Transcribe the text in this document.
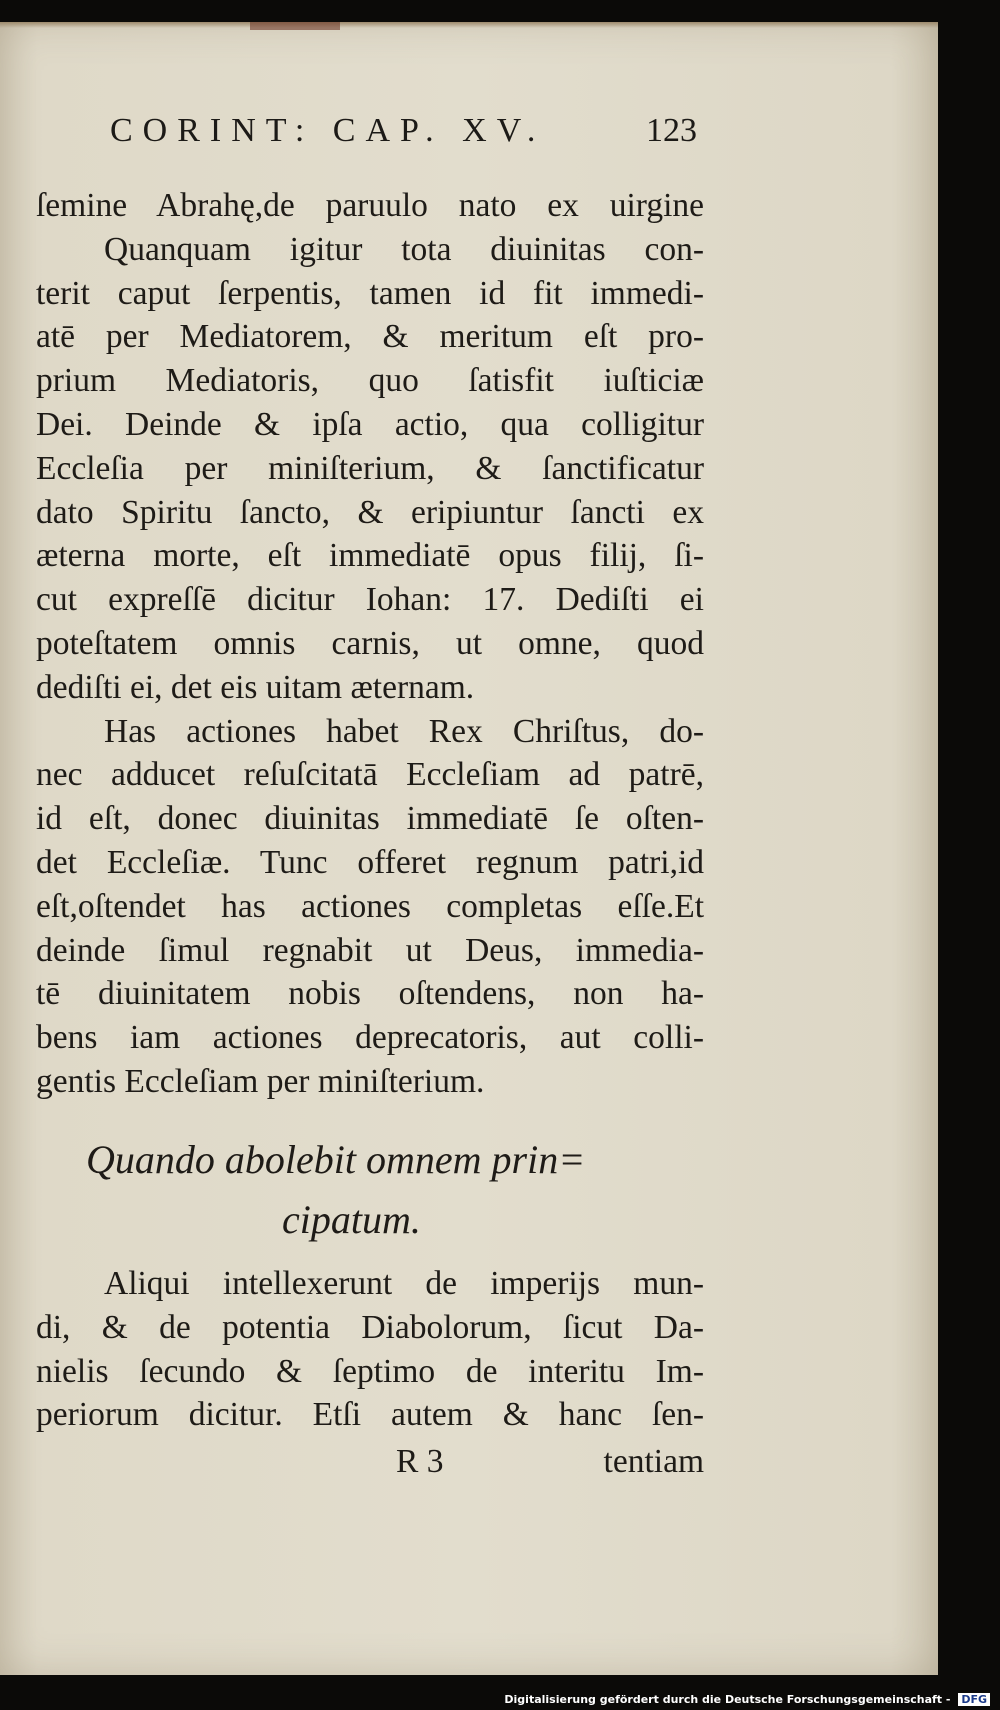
CORINT: CAP. XV.	123
ſemine Abrahę,de paruulo nato ex uirgine
Quanquam igitur tota diuinitas con-
terit caput ſerpentis, tamen id fit immedi-
atē per Mediatorem, & meritum eſt pro-
prium Mediatoris, quo ſatisfit iuſticiæ
Dei. Deinde & ipſa actio, qua colligitur
Eccleſia per miniſterium, & ſanctificatur
dato Spiritu ſancto, & eripiuntur ſancti ex
æterna morte, eſt immediatē opus filij, ſi-
cut expreſſē dicitur Iohan: 17. Dediſti ei
poteſtatem omnis carnis, ut omne, quod
dediſti ei, det eis uitam æternam.
Has actiones habet Rex Chriſtus, do-
nec adducet reſuſcitatā Eccleſiam ad patrē,
id eſt, donec diuinitas immediatē ſe oſten-
det Eccleſiæ. Tunc offeret regnum patri,id
eſt,oſtendet has actiones completas eſſe.Et
deinde ſimul regnabit ut Deus, immedia-
tē diuinitatem nobis oſtendens, non ha-
bens iam actiones deprecatoris, aut colli-
gentis Eccleſiam per miniſterium.
Quando abolebit omnem prin=
cipatum.
Aliqui intellexerunt de imperijs mun-
di, & de potentia Diabolorum, ſicut Da-
nielis ſecundo & ſeptimo de interitu Im-
periorum dicitur. Etſi autem & hanc ſen-
R 3	tentiam
Digitalisierung gefördert durch die Deutsche Forschungsgemeinschaft - DFG
